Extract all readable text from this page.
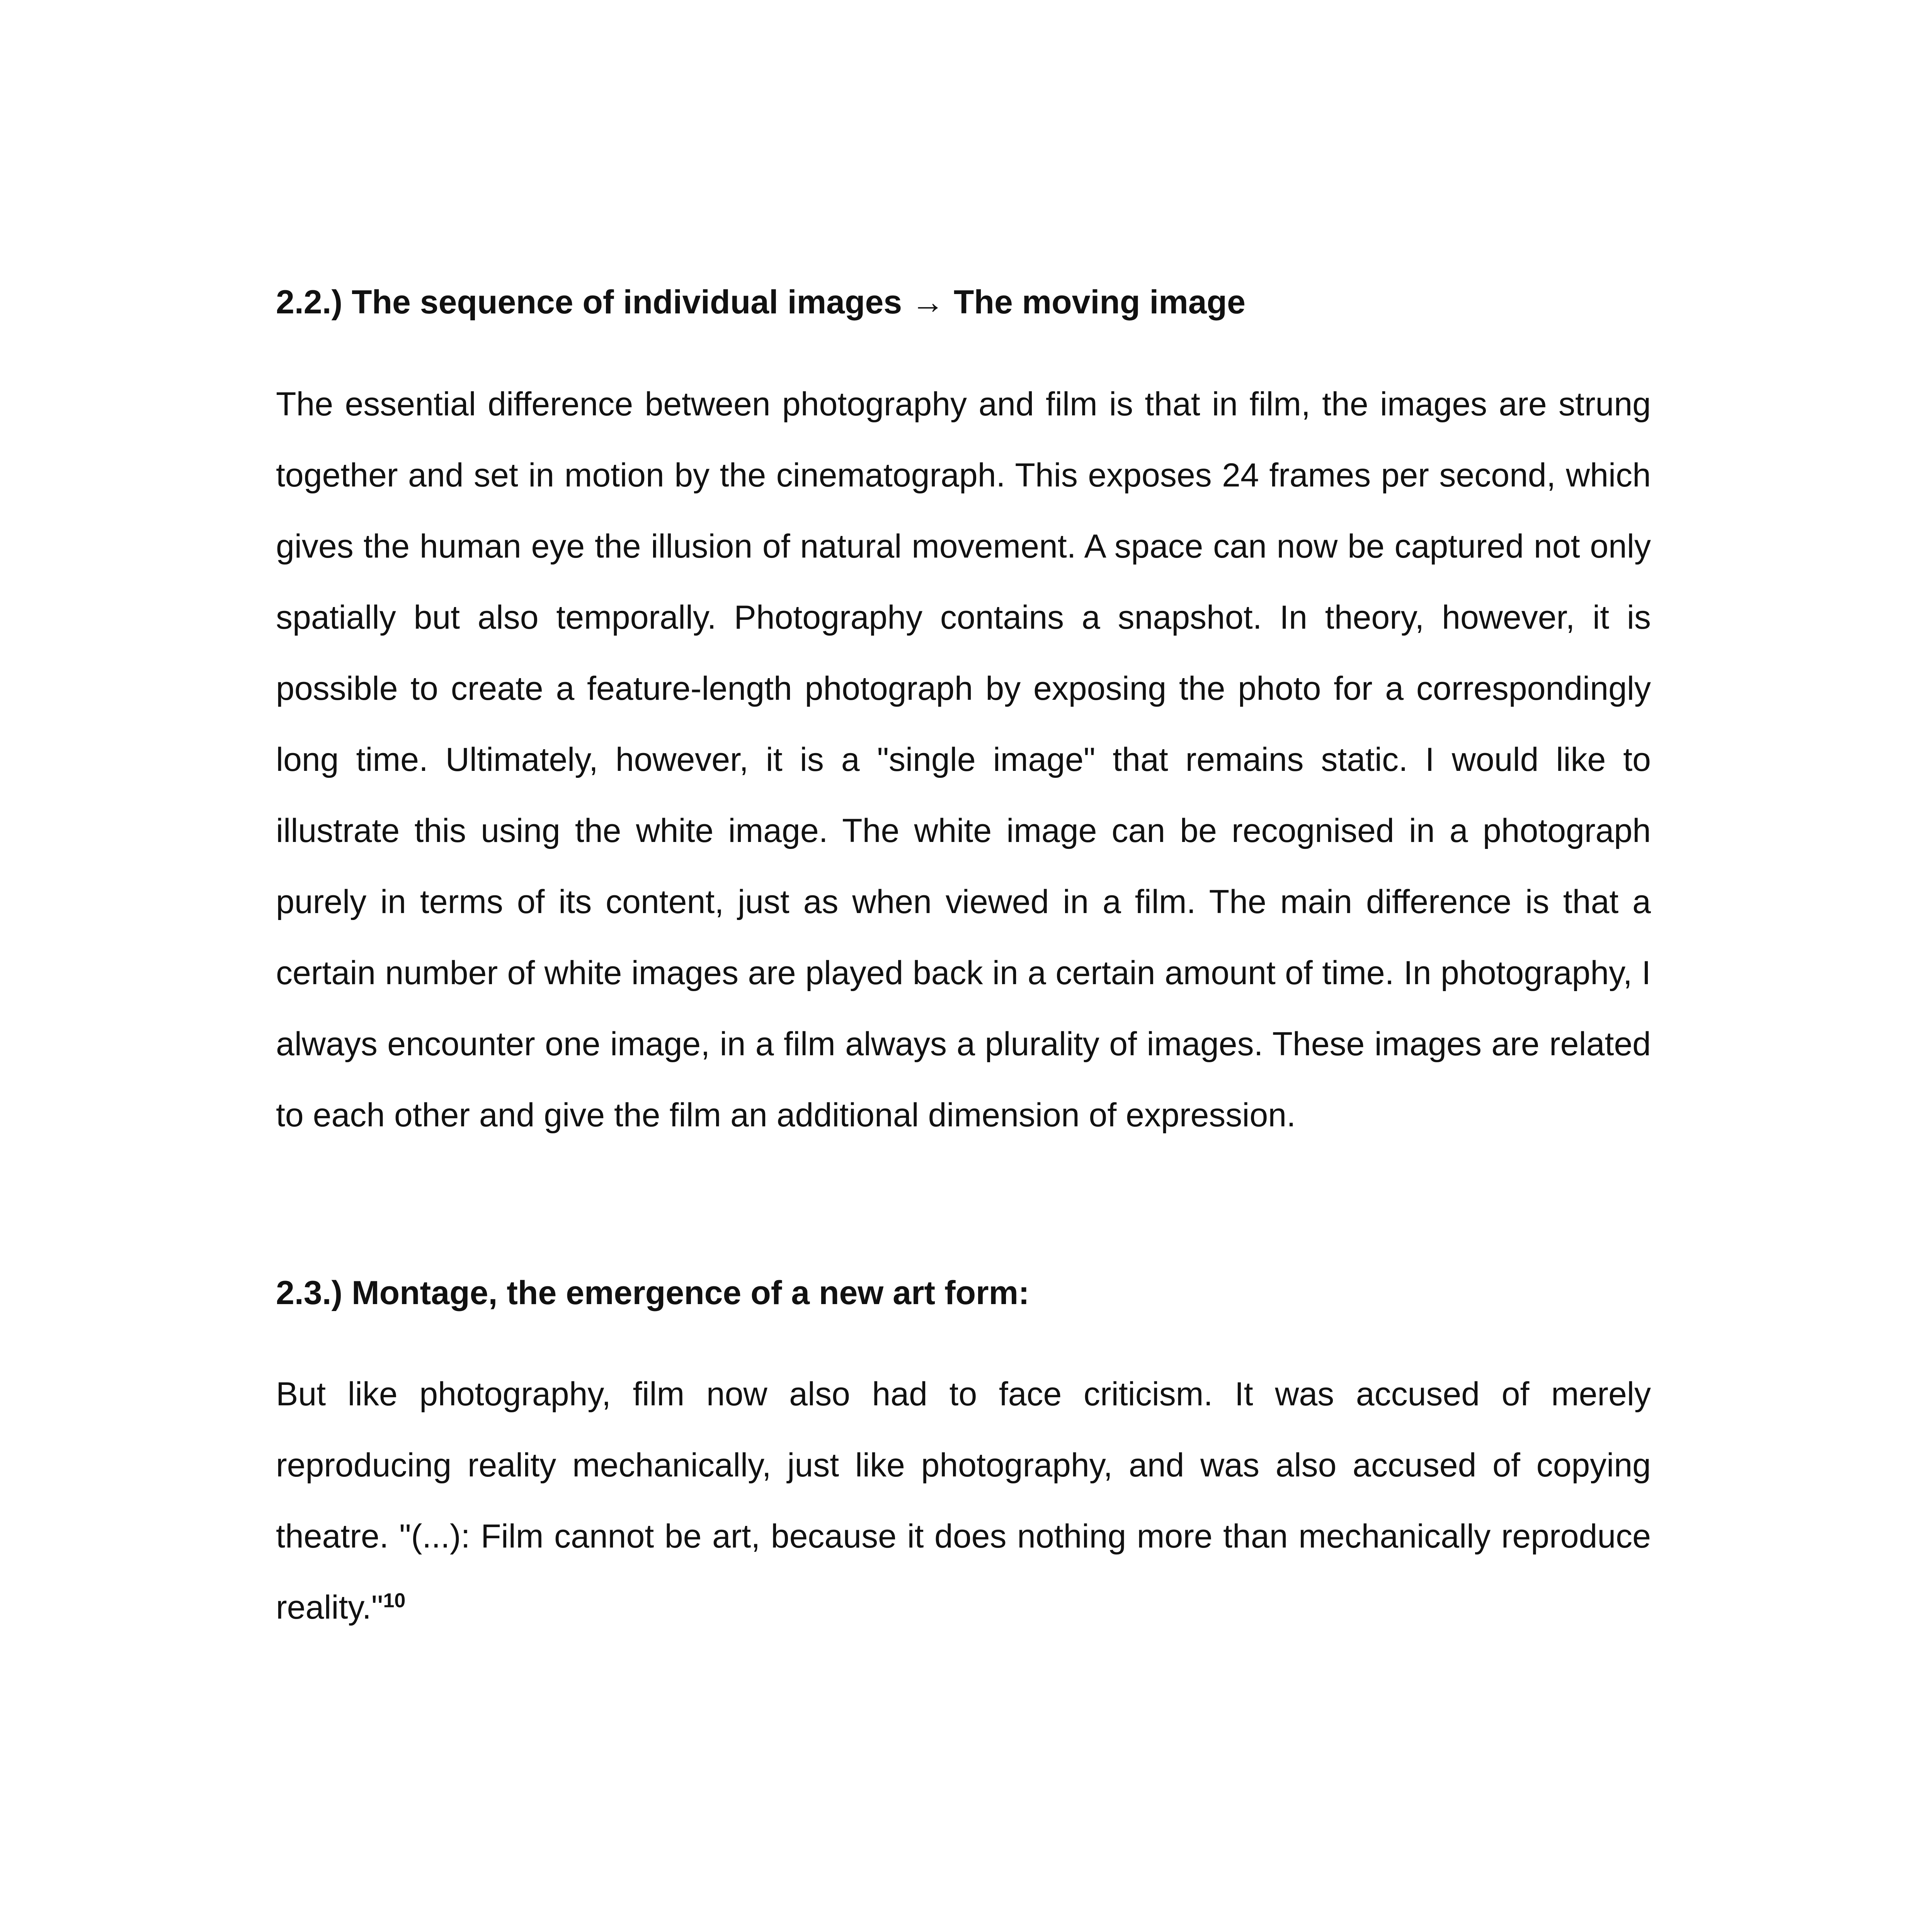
2.2.) The sequence of individual images → The moving image

The essential difference between photography and film is that in film, the images are strung together and set in motion by the cinematograph. This exposes 24 frames per second, which gives the human eye the illusion of natural movement. A space can now be captured not only spatially but also temporally. Photography contains a snapshot. In theory, however, it is possible to create a feature-length photograph by exposing the photo for a correspondingly long time. Ultimately, however, it is a "single image" that remains static. I would like to illustrate this using the white image. The white image can be recognised in a photograph purely in terms of its content, just as when viewed in a film. The main difference is that a certain number of white images are played back in a certain amount of time. In photography, I always encounter one image, in a film always a plurality of images. These images are related to each other and give the film an additional dimension of expression.

2.3.) Montage, the emergence of a new art form:

But like photography, film now also had to face criticism. It was accused of merely reproducing reality mechanically, just like photography, and was also accused of copying theatre. "(...): Film cannot be art, because it does nothing more than mechanically reproduce reality."$^{10}$
